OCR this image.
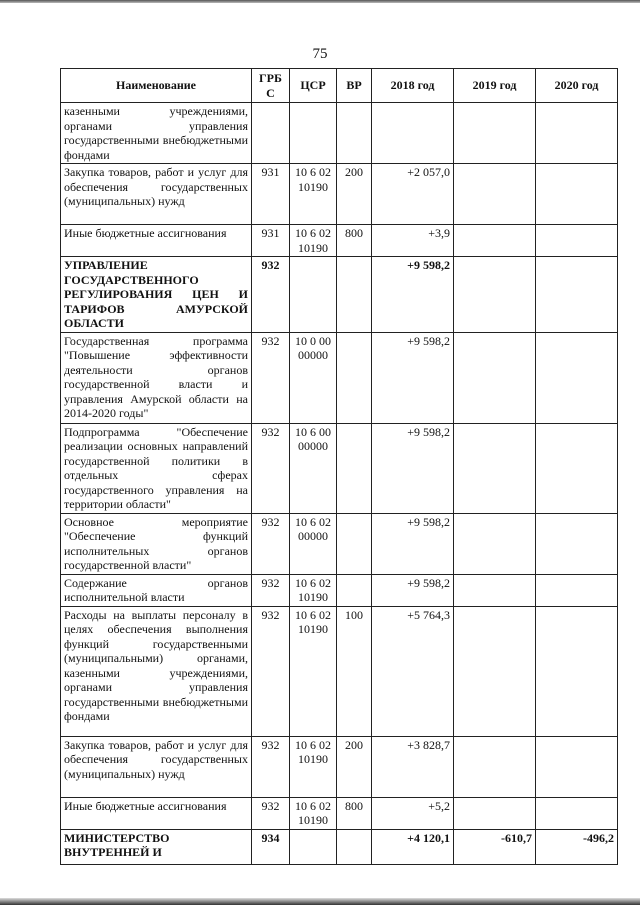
75
Наименование	ГРБ С	ЦСР	ВР	2018 год	2019 год	2020 год
казенными учреждениями, органами управления государственными внебюджетными фондами						
Закупка товаров, работ и услуг для обеспечения государственных (муниципальных) нужд	931	10 6 02 10190	200	+2 057,0		
Иные бюджетные ассигнования	931	10 6 02 10190	800	+3,9		
УПРАВЛЕНИЕ ГОСУДАРСТВЕННОГО РЕГУЛИРОВАНИЯ ЦЕН И ТАРИФОВ АМУРСКОЙ ОБЛАСТИ	932			+9 598,2		
Государственная программа "Повышение эффективности деятельности органов государственной власти и управления Амурской области на 2014-2020 годы"	932	10 0 00 00000		+9 598,2		
Подпрограмма "Обеспечение реализации основных направлений государственной политики в отдельных сферах государственного управления на территории области"	932	10 6 00 00000		+9 598,2		
Основное мероприятие "Обеспечение функций исполнительных органов государственной власти"	932	10 6 02 00000		+9 598,2		
Содержание органов исполнительной власти	932	10 6 02 10190		+9 598,2		
Расходы на выплаты персоналу в целях обеспечения выполнения функций государственными (муниципальными) органами, казенными учреждениями, органами управления государственными внебюджетными фондами	932	10 6 02 10190	100	+5 764,3		
Закупка товаров, работ и услуг для обеспечения государственных (муниципальных) нужд	932	10 6 02 10190	200	+3 828,7		
Иные бюджетные ассигнования	932	10 6 02 10190	800	+5,2		
МИНИСТЕРСТВО ВНУТРЕННЕЙ И	934			+4 120,1	-610,7	-496,2
